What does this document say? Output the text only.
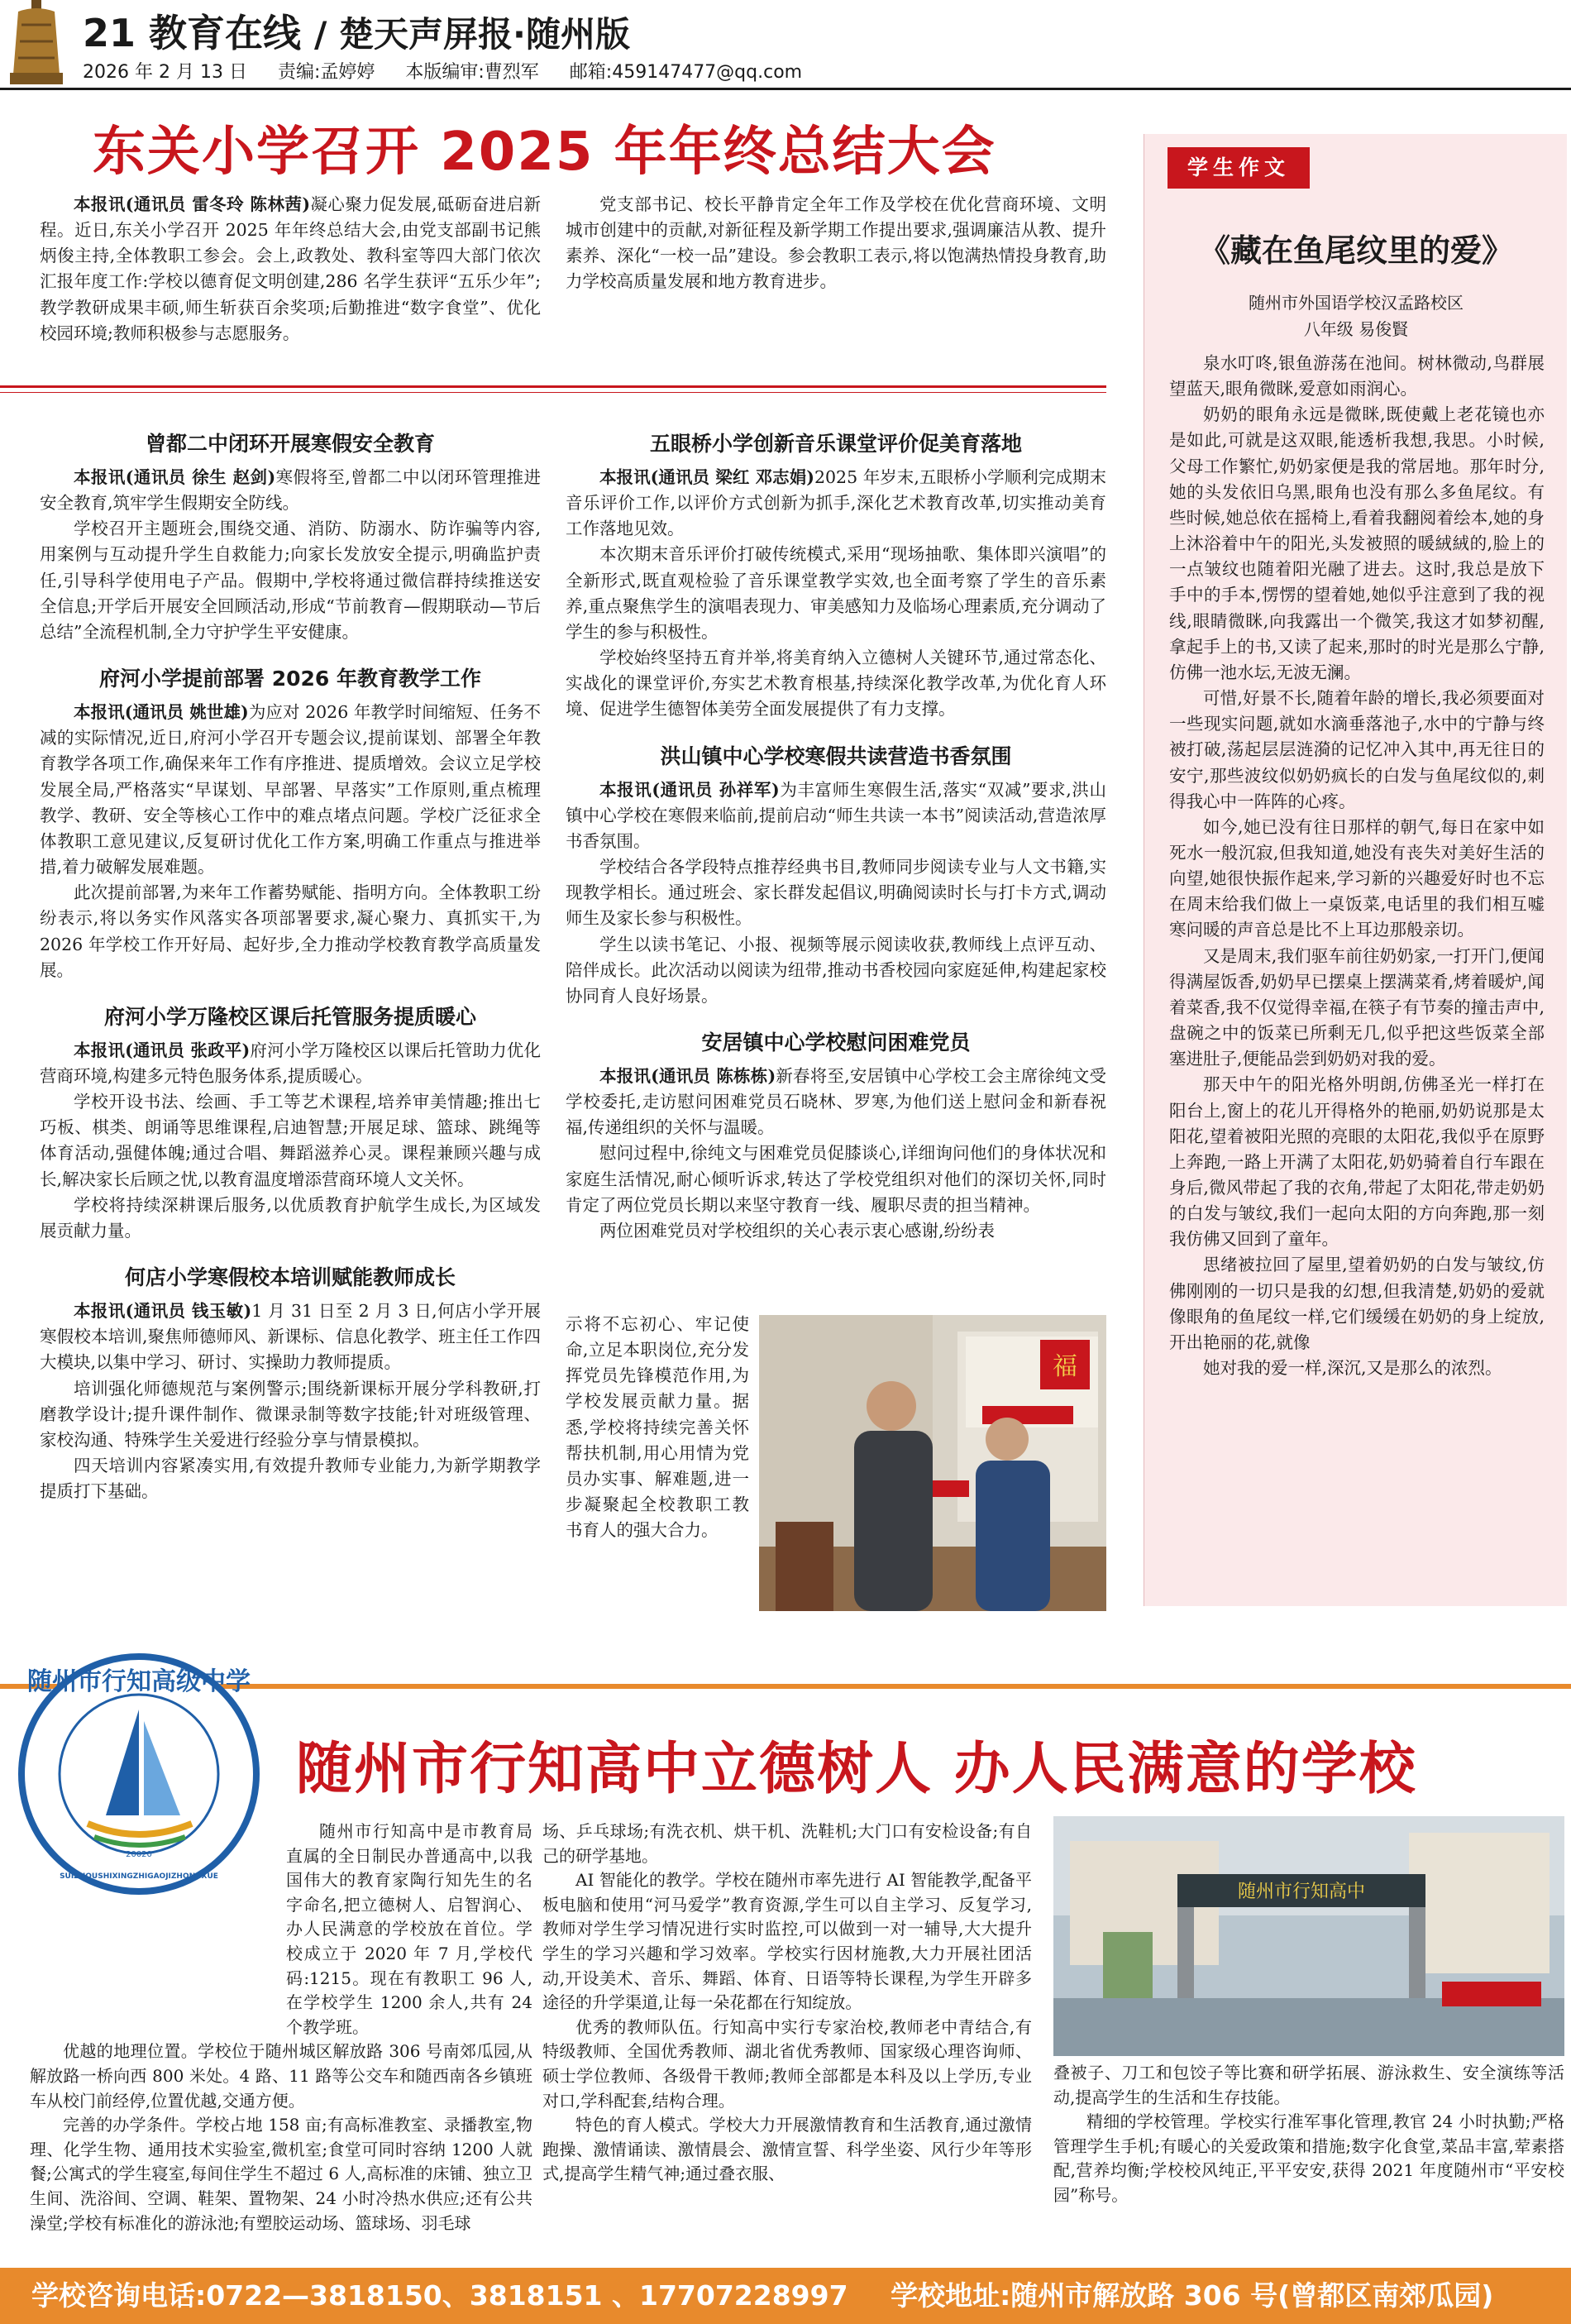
21 教育在线 / 楚天声屏报·随州版
2026 年 2 月 13 日 责编:孟婷婷 本版编审:曹烈军 邮箱:459147477@qq.com
东关小学召开 2025 年年终总结大会

本报讯(通讯员 雷冬玲 陈林茜)凝心聚力促发展,砥砺奋进启新程。近日,东关小学召开 2025 年年终总结大会,由党支部副书记熊炳俊主持,全体教职工参会。会上,政教处、教科室等四大部门依次汇报年度工作:学校以德育促文明创建,286 名学生获评“五乐少年”;教学教研成果丰硕,师生斩获百余奖项;后勤推进“数字食堂”、优化校园环境;教师积极参与志愿服务。

党支部书记、校长平静肯定全年工作及学校在优化营商环境、文明城市创建中的贡献,对新征程及新学期工作提出要求,强调廉洁从教、提升素养、深化“一校一品”建设。参会教职工表示,将以饱满热情投身教育,助力学校高质量发展和地方教育进步。

曾都二中闭环开展寒假安全教育

本报讯(通讯员 徐生 赵剑)寒假将至,曾都二中以闭环管理推进安全教育,筑牢学生假期安全防线。

学校召开主题班会,围绕交通、消防、防溺水、防诈骗等内容,用案例与互动提升学生自救能力;向家长发放安全提示,明确监护责任,引导科学使用电子产品。假期中,学校将通过微信群持续推送安全信息;开学后开展安全回顾活动,形成“节前教育—假期联动—节后总结”全流程机制,全力守护学生平安健康。

府河小学提前部署 2026 年教育教学工作

本报讯(通讯员 姚世雄)为应对 2026 年教学时间缩短、任务不减的实际情况,近日,府河小学召开专题会议,提前谋划、部署全年教育教学各项工作,确保来年工作有序推进、提质增效。会议立足学校发展全局,严格落实“早谋划、早部署、早落实”工作原则,重点梳理教学、教研、安全等核心工作中的难点堵点问题。学校广泛征求全体教职工意见建议,反复研讨优化工作方案,明确工作重点与推进举措,着力破解发展难题。

此次提前部署,为来年工作蓄势赋能、指明方向。全体教职工纷纷表示,将以务实作风落实各项部署要求,凝心聚力、真抓实干,为 2026 年学校工作开好局、起好步,全力推动学校教育教学高质量发展。

府河小学万隆校区课后托管服务提质暖心

本报讯(通讯员 张政平)府河小学万隆校区以课后托管助力优化营商环境,构建多元特色服务体系,提质暖心。

学校开设书法、绘画、手工等艺术课程,培养审美情趣;推出七巧板、棋类、朗诵等思维课程,启迪智慧;开展足球、篮球、跳绳等体育活动,强健体魄;通过合唱、舞蹈滋养心灵。课程兼顾兴趣与成长,解决家长后顾之忧,以教育温度增添营商环境人文关怀。

学校将持续深耕课后服务,以优质教育护航学生成长,为区域发展贡献力量。

何店小学寒假校本培训赋能教师成长

本报讯(通讯员 钱玉敏)1 月 31 日至 2 月 3 日,何店小学开展寒假校本培训,聚焦师德师风、新课标、信息化教学、班主任工作四大模块,以集中学习、研讨、实操助力教师提质。

培训强化师德规范与案例警示;围绕新课标开展分学科教研,打磨教学设计;提升课件制作、微课录制等数字技能;针对班级管理、家校沟通、特殊学生关爱进行经验分享与情景模拟。

四天培训内容紧凑实用,有效提升教师专业能力,为新学期教学提质打下基础。

五眼桥小学创新音乐课堂评价促美育落地

本报讯(通讯员 梁红 邓志娟)2025 年岁末,五眼桥小学顺利完成期末音乐评价工作,以评价方式创新为抓手,深化艺术教育改革,切实推动美育工作落地见效。

本次期末音乐评价打破传统模式,采用“现场抽歌、集体即兴演唱”的全新形式,既直观检验了音乐课堂教学实效,也全面考察了学生的音乐素养,重点聚焦学生的演唱表现力、审美感知力及临场心理素质,充分调动了学生的参与积极性。

学校始终坚持五育并举,将美育纳入立德树人关键环节,通过常态化、实战化的课堂评价,夯实艺术教育根基,持续深化教学改革,为优化育人环境、促进学生德智体美劳全面发展提供了有力支撑。

洪山镇中心学校寒假共读营造书香氛围

本报讯(通讯员 孙祥军)为丰富师生寒假生活,落实“双减”要求,洪山镇中心学校在寒假来临前,提前启动“师生共读一本书”阅读活动,营造浓厚书香氛围。

学校结合各学段特点推荐经典书目,教师同步阅读专业与人文书籍,实现教学相长。通过班会、家长群发起倡议,明确阅读时长与打卡方式,调动师生及家长参与积极性。

学生以读书笔记、小报、视频等展示阅读收获,教师线上点评互动、陪伴成长。此次活动以阅读为纽带,推动书香校园向家庭延伸,构建起家校协同育人良好场景。

安居镇中心学校慰问困难党员

本报讯(通讯员 陈栋栋)新春将至,安居镇中心学校工会主席徐纯文受学校委托,走访慰问困难党员石晓林、罗寒,为他们送上慰问金和新春祝福,传递组织的关怀与温暖。

慰问过程中,徐纯文与困难党员促膝谈心,详细询问他们的身体状况和家庭生活情况,耐心倾听诉求,转达了学校党组织对他们的深切关怀,同时肯定了两位党员长期以来坚守教育一线、履职尽责的担当精神。

两位困难党员对学校组织的关心表示衷心感谢,纷纷表

示将不忘初心、牢记使命,立足本职岗位,充分发挥党员先锋模范作用,为学校发展贡献力量。据悉,学校将持续完善关怀帮扶机制,用心用情为党员办实事、解难题,进一步凝聚起全校教职工教书育人的强大合力。

福
学生作文
《藏在鱼尾纹里的爱》
随州市外国语学校汉孟路校区
八年级 易俊賢

泉水叮咚,银鱼游荡在池间。树林微动,鸟群展望蓝天,眼角微眯,爱意如雨润心。

奶奶的眼角永远是微眯,既使戴上老花镜也亦是如此,可就是这双眼,能透析我想,我思。小时候,父母工作繁忙,奶奶家便是我的常居地。那年时分,她的头发依旧乌黑,眼角也没有那么多鱼尾纹。有些时候,她总依在摇椅上,看着我翻阅着绘本,她的身上沐浴着中午的阳光,头发被照的暖絨絨的,脸上的一点皱纹也随着阳光融了进去。这时,我总是放下手中的手本,愣愣的望着她,她似乎注意到了我的视线,眼睛微眯,向我露出一个微笑,我这才如梦初醒,拿起手上的书,又读了起来,那时的时光是那么宁静,仿佛一池水坛,无波无澜。

可惜,好景不长,随着年龄的增长,我必须要面对一些现实问题,就如水滴垂落池子,水中的宁静与终被打破,荡起层层涟漪的记忆冲入其中,再无往日的安宁,那些波纹似奶奶疯长的白发与鱼尾纹似的,刺得我心中一阵阵的心疼。

如今,她已没有往日那样的朝气,每日在家中如死水一般沉寂,但我知道,她没有丧失对美好生活的向望,她很快振作起来,学习新的兴趣爱好时也不忘在周末给我们做上一桌饭菜,电话里的我们相互嘘寒问暖的声音总是比不上耳边那般亲切。

又是周末,我们驱车前往奶奶家,一打开门,便闻得满屋饭香,奶奶早已摆桌上摆满菜肴,烤着暖炉,闻着菜香,我不仅觉得幸福,在筷子有节奏的撞击声中,盘碗之中的饭菜已所剩无几,似乎把这些饭菜全部塞进肚子,便能品尝到奶奶对我的爱。

那天中午的阳光格外明朗,仿佛圣光一样打在阳台上,窗上的花儿开得格外的艳丽,奶奶说那是太阳花,望着被阳光照的亮眼的太阳花,我似乎在原野上奔跑,一路上开满了太阳花,奶奶骑着自行车跟在身后,微风带起了我的衣角,带起了太阳花,带走奶奶的白发与皱纹,我们一起向太阳的方向奔跑,那一刻我仿佛又回到了童年。

思绪被拉回了屋里,望着奶奶的白发与皱纹,仿佛刚刚的一切只是我的幻想,但我清楚,奶奶的爱就像眼角的鱼尾纹一样,它们缓缓在奶奶的身上绽放,开出艳丽的花,就像

她对我的爱一样,深沉,又是那么的浓烈。

随州市行知高级中学
SUIZHOUSHIXINGZHIGAOJIZHONGXUE
20020
随州市行知高中立德树人 办人民满意的学校

随州市行知高中是市教育局直属的全日制民办普通高中,以我国伟大的教育家陶行知先生的名字命名,把立德树人、启智润心、办人民满意的学校放在首位。学校成立于 2020 年 7 月,学校代码:1215。现在有教职工 96 人,在学校学生 1200 余人,共有 24 个教学班。

优越的地理位置。学校位于随州城区解放路 306 号南郊瓜园,从解放路一桥向西 800 米处。4 路、11 路等公交车和随西南各乡镇班车从校门前经停,位置优越,交通方便。

完善的办学条件。学校占地 158 亩;有高标准教室、录播教室,物理、化学生物、通用技术实验室,微机室;食堂可同时容纳 1200 人就餐;公寓式的学生寝室,每间住学生不超过 6 人,高标准的床铺、独立卫生间、洗浴间、空调、鞋架、置物架、24 小时冷热水供应;还有公共澡堂;学校有标准化的游泳池;有塑胶运动场、篮球场、羽毛球

场、乒乓球场;有洗衣机、烘干机、洗鞋机;大门口有安检设备;有自己的研学基地。

AI 智能化的教学。学校在随州市率先进行 AI 智能教学,配备平板电脑和使用“河马爱学”教育资源,学生可以自主学习、反复学习,教师对学生学习情况进行实时监控,可以做到一对一辅导,大大提升学生的学习兴趣和学习效率。学校实行因材施教,大力开展社团活动,开设美术、音乐、舞蹈、体育、日语等特长课程,为学生开辟多途径的升学渠道,让每一朵花都在行知绽放。

优秀的教师队伍。行知高中实行专家治校,教师老中青结合,有特级教师、全国优秀教师、湖北省优秀教师、国家级心理咨询师、硕士学位教师、各级骨干教师;教师全部都是本科及以上学历,专业对口,学科配套,结构合理。

特色的育人模式。学校大力开展激情教育和生活教育,通过激情跑操、激情诵读、激情晨会、激情宣誓、科学坐姿、风行少年等形式,提高学生精气神;通过叠衣服、

随州市行知高中

叠被子、刀工和包饺子等比赛和研学拓展、游泳救生、安全演练等活动,提高学生的生活和生存技能。

精细的学校管理。学校实行准军事化管理,教官 24 小时执勤;严格管理学生手机;有暖心的关爱政策和措施;数字化食堂,菜品丰富,荤素搭配,营养均衡;学校校风纯正,平平安安,获得 2021 年度随州市“平安校园”称号。

学校咨询电话:0722—3818150、3818151 、17707228997 学校地址:随州市解放路 306 号(曾都区南郊瓜园)
